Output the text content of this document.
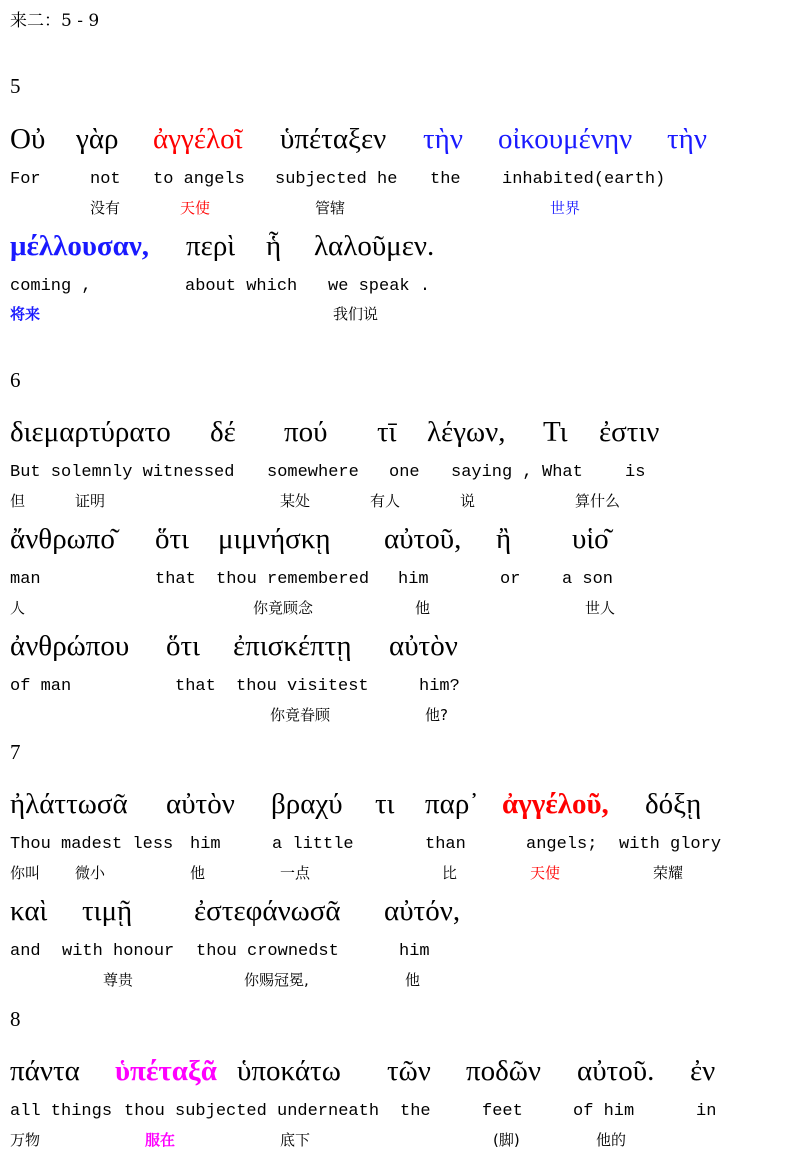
来二：5 - 9
5
Οὐ γὰρ ἀγγέλοῖ ὑπέταξεν τὴν οἰκουμένην τὴν
For	not to angels subjected he the inhabited(earth)
没有	天使	管辖	世界
μέλλουσαν, περὶ ἧ λαλοῦμεν.
coming ,	about which we speak .
将来	我们说
6
διεμαρτύρατο δέ πού τῑ λέγων, Τι ἐστιν
But solemnly witnessed somewhere one saying , What is
但	证明	某处	有人	说	算什么
ἄνθρωπο͂ ὅτι μιμνήσκῃ αὐτοῦ, ἢ υἱο͂
man	that thou remembered him	or a son
人	你竟顾念	他	世人
ἀνθρώπου ὅτι ἐπισκέπτῃ αὐτὸν
of man	that thou visitest	him?
你竟眷顾	他?
7
ἠλάττωσᾶ αὐτὸν βραχύ τι παρ᾽ ἀγγέλοῦ, δόξῃ
Thou madest less him	a little	than	angels; with glory
你叫 微小	他	一点	比	天使	荣耀
καὶ τιμῇ ἐστεφάνωσᾶ αὐτόν,
and with honour thou crownedst	him
尊贵	你赐冠冕,	他
8
πάντα ὑπέταξᾶ ὑποκάτω τῶν ποδῶν αὐτοῦ. ἐν
all things thou subjected underneath the	feet	of him	in
万物	服在	底下	(脚)	他的
